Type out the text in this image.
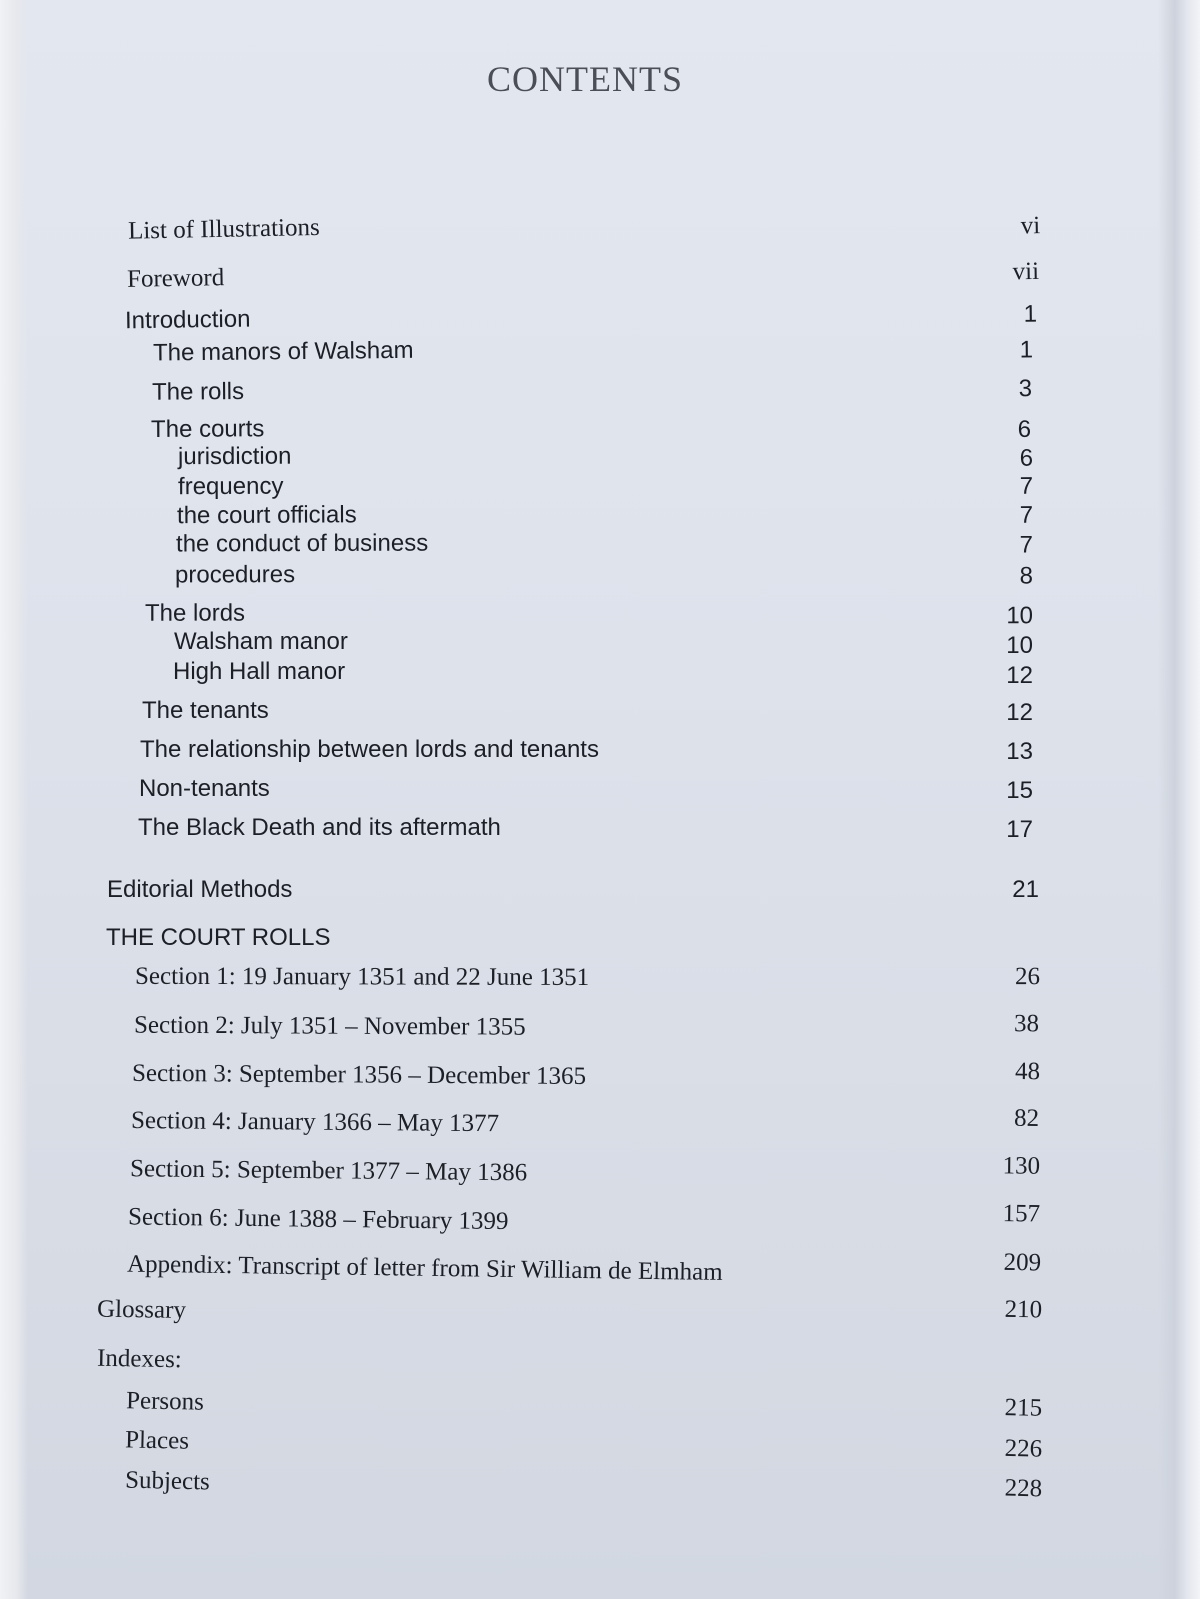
CONTENTS
List of Illustrations	vi
Foreword	vii
Introduction	1
The manors of Walsham	1
The rolls	3
The courts	6
jurisdiction	6
frequency	7
the court officials	7
the conduct of business	7
procedures	8
The lords	10
Walsham manor	10
High Hall manor	12
The tenants	12
The relationship between lords and tenants	13
Non-tenants	15
The Black Death and its aftermath	17
Editorial Methods	21
THE COURT ROLLS
Section 1: 19 January 1351 and 22 June 1351	26
Section 2: July 1351 – November 1355	38
Section 3: September 1356 – December 1365	48
Section 4: January 1366 – May 1377	82
Section 5: September 1377 – May 1386	130
Section 6: June 1388 – February 1399	157
Appendix: Transcript of letter from Sir William de Elmham	209
Glossary	210
Indexes:
Persons	215
Places	226
Subjects	228
